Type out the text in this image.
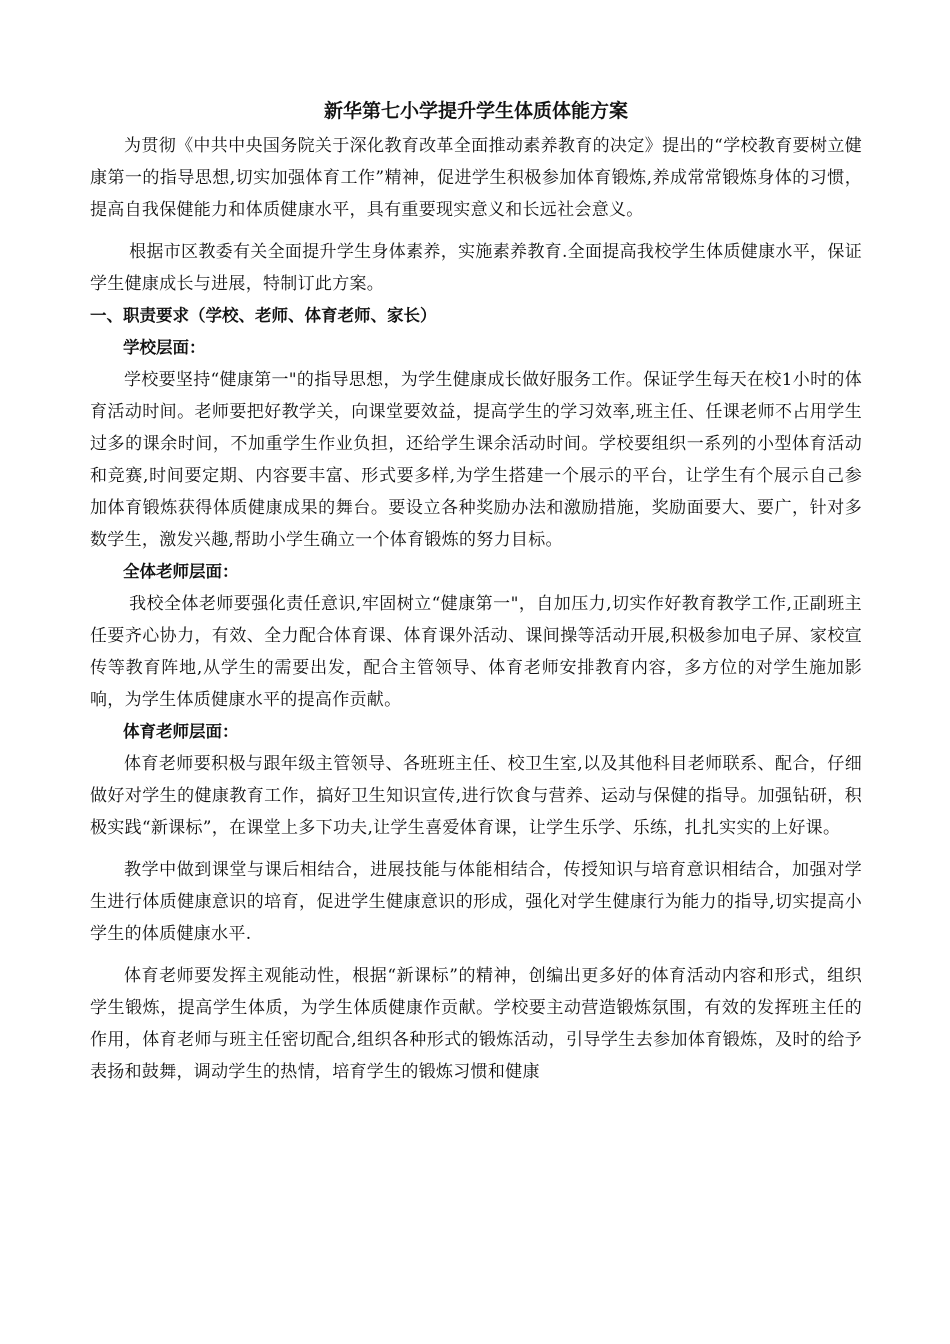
新华第七小学提升学生体质体能方案

为贯彻《中共中央国务院关于深化教育改革全面推动素养教育的决定》提出的“学校教育要树立健康第一的指导思想,切实加强体育工作”精神，促进学生积极参加体育锻炼,养成常常锻炼身体的习惯，提高自我保健能力和体质健康水平，具有重要现实意义和长远社会意义。

根据市区教委有关全面提升学生身体素养，实施素养教育.全面提高我校学生体质健康水平，保证学生健康成长与进展，特制订此方案。

一、职责要求（学校、老师、体育老师、家长）
学校层面：

学校要坚持“健康第一"的指导思想，为学生健康成长做好服务工作。保证学生每天在校1小时的体育活动时间。老师要把好教学关，向课堂要效益，提高学生的学习效率,班主任、任课老师不占用学生过多的课余时间，不加重学生作业负担，还给学生课余活动时间。学校要组织一系列的小型体育活动和竞赛,时间要定期、内容要丰富、形式要多样,为学生搭建一个展示的平台，让学生有个展示自己参加体育锻炼获得体质健康成果的舞台。要设立各种奖励办法和激励措施，奖励面要大、要广，针对多数学生，激发兴趣,帮助小学生确立一个体育锻炼的努力目标。

全体老师层面：

我校全体老师要强化责任意识,牢固树立“健康第一"，自加压力,切实作好教育教学工作,正副班主任要齐心协力，有效、全力配合体育课、体育课外活动、课间操等活动开展,积极参加电子屏、家校宣传等教育阵地,从学生的需要出发，配合主管领导、体育老师安排教育内容，多方位的对学生施加影响，为学生体质健康水平的提高作贡献。

体育老师层面：

体育老师要积极与跟年级主管领导、各班班主任、校卫生室,以及其他科目老师联系、配合，仔细做好对学生的健康教育工作，搞好卫生知识宣传,进行饮食与营养、运动与保健的指导。加强钻研，积极实践“新课标”，在课堂上多下功夫,让学生喜爱体育课，让学生乐学、乐练，扎扎实实的上好课。

教学中做到课堂与课后相结合，进展技能与体能相结合，传授知识与培育意识相结合，加强对学生进行体质健康意识的培育，促进学生健康意识的形成，强化对学生健康行为能力的指导,切实提高小学生的体质健康水平.

体育老师要发挥主观能动性，根据“新课标”的精神，创编出更多好的体育活动内容和形式，组织学生锻炼，提高学生体质，为学生体质健康作贡献。学校要主动营造锻炼氛围，有效的发挥班主任的作用，体育老师与班主任密切配合,组织各种形式的锻炼活动，引导学生去参加体育锻炼，及时的给予表扬和鼓舞，调动学生的热情，培育学生的锻炼习惯和健康
